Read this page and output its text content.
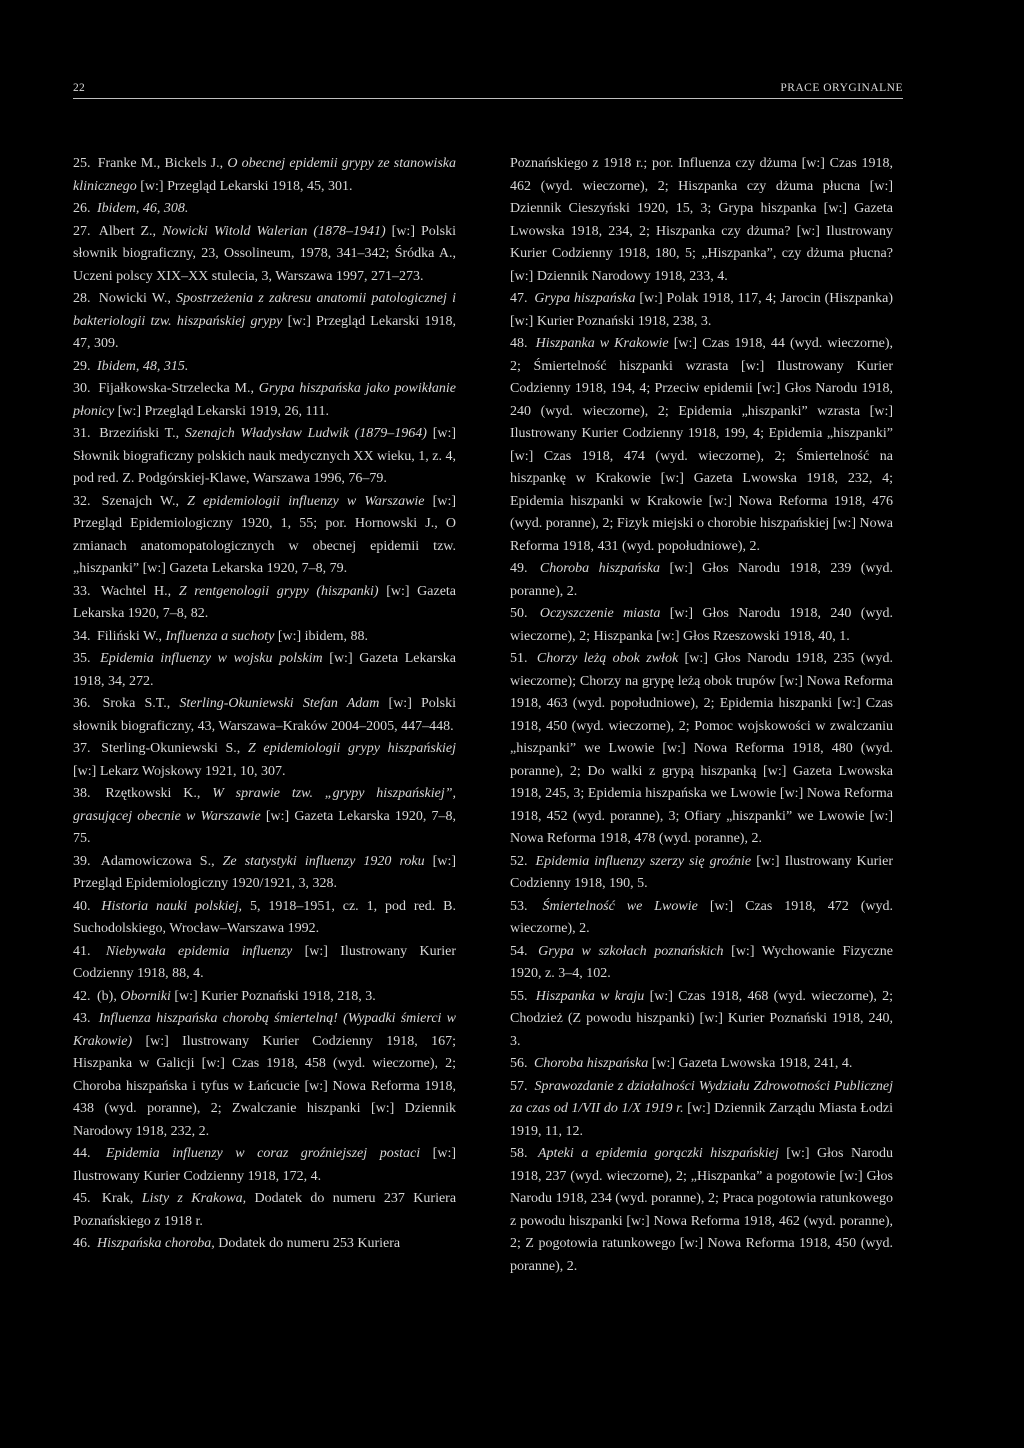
22	PRACE ORYGINALNE

25. Franke M., Bickels J., O obecnej epidemii grypy ze stanowiska klinicznego [w:] Przegląd Lekarski 1918, 45, 301.

26. Ibidem, 46, 308.

27. Albert Z., Nowicki Witold Walerian (1878–1941) [w:] Polski słownik biograficzny, 23, Ossolineum, 1978, 341–342; Śródka A., Uczeni polscy XIX–XX stulecia, 3, Warszawa 1997, 271–273.

28. Nowicki W., Spostrzeżenia z zakresu anatomii patologicznej i bakteriologii tzw. hiszpańskiej grypy [w:] Przegląd Lekarski 1918, 47, 309.

29. Ibidem, 48, 315.

30. Fijałkowska-Strzelecka M., Grypa hiszpańska jako powikłanie płonicy [w:] Przegląd Lekarski 1919, 26, 111.

31. Brzeziński T., Szenajch Władysław Ludwik (1879–1964) [w:] Słownik biograficzny polskich nauk medycznych XX wieku, 1, z. 4, pod red. Z. Podgórskiej-Klawe, Warszawa 1996, 76–79.

32. Szenajch W., Z epidemiologii influenzy w Warszawie [w:] Przegląd Epidemiologiczny 1920, 1, 55; por. Hornowski J., O zmianach anatomopatologicznych w obecnej epidemii tzw. „hiszpanki” [w:] Gazeta Lekarska 1920, 7–8, 79.

33. Wachtel H., Z rentgenologii grypy (hiszpanki) [w:] Gazeta Lekarska 1920, 7–8, 82.

34. Filiński W., Influenza a suchoty [w:] ibidem, 88.

35. Epidemia influenzy w wojsku polskim [w:] Gazeta Lekarska 1918, 34, 272.

36. Sroka S.T., Sterling-Okuniewski Stefan Adam [w:] Polski słownik biograficzny, 43, Warszawa–Kraków 2004–2005, 447–448.

37. Sterling-Okuniewski S., Z epidemiologii grypy hiszpańskiej [w:] Lekarz Wojskowy 1921, 10, 307.

38. Rzętkowski K., W sprawie tzw. „grypy hiszpańskiej”, grasującej obecnie w Warszawie [w:] Gazeta Lekarska 1920, 7–8, 75.

39. Adamowiczowa S., Ze statystyki influenzy 1920 roku [w:] Przegląd Epidemiologiczny 1920/1921, 3, 328.

40. Historia nauki polskiej, 5, 1918–1951, cz. 1, pod red. B. Suchodolskiego, Wrocław–Warszawa 1992.

41. Niebywała epidemia influenzy [w:] Ilustrowany Kurier Codzienny 1918, 88, 4.

42. (b), Oborniki [w:] Kurier Poznański 1918, 218, 3.

43. Influenza hiszpańska chorobą śmiertelną! (Wypadki śmierci w Krakowie) [w:] Ilustrowany Kurier Codzienny 1918, 167; Hiszpanka w Galicji [w:] Czas 1918, 458 (wyd. wieczorne), 2; Choroba hiszpańska i tyfus w Łańcucie [w:] Nowa Reforma 1918, 438 (wyd. poranne), 2; Zwalczanie hiszpanki [w:] Dziennik Narodowy 1918, 232, 2.

44. Epidemia influenzy w coraz groźniejszej postaci [w:] Ilustrowany Kurier Codzienny 1918, 172, 4.

45. Krak, Listy z Krakowa, Dodatek do numeru 237 Kuriera Poznańskiego z 1918 r.

46. Hiszpańska choroba, Dodatek do numeru 253 Kuriera

Poznańskiego z 1918 r.; por. Influenza czy dżuma [w:] Czas 1918, 462 (wyd. wieczorne), 2; Hiszpanka czy dżuma płucna [w:] Dziennik Cieszyński 1920, 15, 3; Grypa hiszpanka [w:] Gazeta Lwowska 1918, 234, 2; Hiszpanka czy dżuma? [w:] Ilustrowany Kurier Codzienny 1918, 180, 5; „Hiszpanka”, czy dżuma płucna? [w:] Dziennik Narodowy 1918, 233, 4.

47. Grypa hiszpańska [w:] Polak 1918, 117, 4; Jarocin (Hiszpanka) [w:] Kurier Poznański 1918, 238, 3.

48. Hiszpanka w Krakowie [w:] Czas 1918, 44 (wyd. wieczorne), 2; Śmiertelność hiszpanki wzrasta [w:] Ilustrowany Kurier Codzienny 1918, 194, 4; Przeciw epidemii [w:] Głos Narodu 1918, 240 (wyd. wieczorne), 2; Epidemia „hiszpanki” wzrasta [w:] Ilustrowany Kurier Codzienny 1918, 199, 4; Epidemia „hiszpanki” [w:] Czas 1918, 474 (wyd. wieczorne), 2; Śmiertelność na hiszpankę w Krakowie [w:] Gazeta Lwowska 1918, 232, 4; Epidemia hiszpanki w Krakowie [w:] Nowa Reforma 1918, 476 (wyd. poranne), 2; Fizyk miejski o chorobie hiszpańskiej [w:] Nowa Reforma 1918, 431 (wyd. popołudniowe), 2.

49. Choroba hiszpańska [w:] Głos Narodu 1918, 239 (wyd. poranne), 2.

50. Oczyszczenie miasta [w:] Głos Narodu 1918, 240 (wyd. wieczorne), 2; Hiszpanka [w:] Głos Rzeszowski 1918, 40, 1.

51. Chorzy leżą obok zwłok [w:] Głos Narodu 1918, 235 (wyd. wieczorne); Chorzy na grypę leżą obok trupów [w:] Nowa Reforma 1918, 463 (wyd. popołudniowe), 2; Epidemia hiszpanki [w:] Czas 1918, 450 (wyd. wieczorne), 2; Pomoc wojskowości w zwalczaniu „hiszpanki” we Lwowie [w:] Nowa Reforma 1918, 480 (wyd. poranne), 2; Do walki z grypą hiszpanką [w:] Gazeta Lwowska 1918, 245, 3; Epidemia hiszpańska we Lwowie [w:] Nowa Reforma 1918, 452 (wyd. poranne), 3; Ofiary „hiszpanki” we Lwowie [w:] Nowa Reforma 1918, 478 (wyd. poranne), 2.

52. Epidemia influenzy szerzy się groźnie [w:] Ilustrowany Kurier Codzienny 1918, 190, 5.

53. Śmiertelność we Lwowie [w:] Czas 1918, 472 (wyd. wieczorne), 2.

54. Grypa w szkołach poznańskich [w:] Wychowanie Fizyczne 1920, z. 3–4, 102.

55. Hiszpanka w kraju [w:] Czas 1918, 468 (wyd. wieczorne), 2; Chodzież (Z powodu hiszpanki) [w:] Kurier Poznański 1918, 240, 3.

56. Choroba hiszpańska [w:] Gazeta Lwowska 1918, 241, 4.

57. Sprawozdanie z działalności Wydziału Zdrowotności Publicznej za czas od 1/VII do 1/X 1919 r. [w:] Dziennik Zarządu Miasta Łodzi 1919, 11, 12.

58. Apteki a epidemia gorączki hiszpańskiej [w:] Głos Narodu 1918, 237 (wyd. wieczorne), 2; „Hiszpanka” a pogotowie [w:] Głos Narodu 1918, 234 (wyd. poranne), 2; Praca pogotowia ratunkowego z powodu hiszpanki [w:] Nowa Reforma 1918, 462 (wyd. poranne), 2; Z pogotowia ratunkowego [w:] Nowa Reforma 1918, 450 (wyd. poranne), 2.
